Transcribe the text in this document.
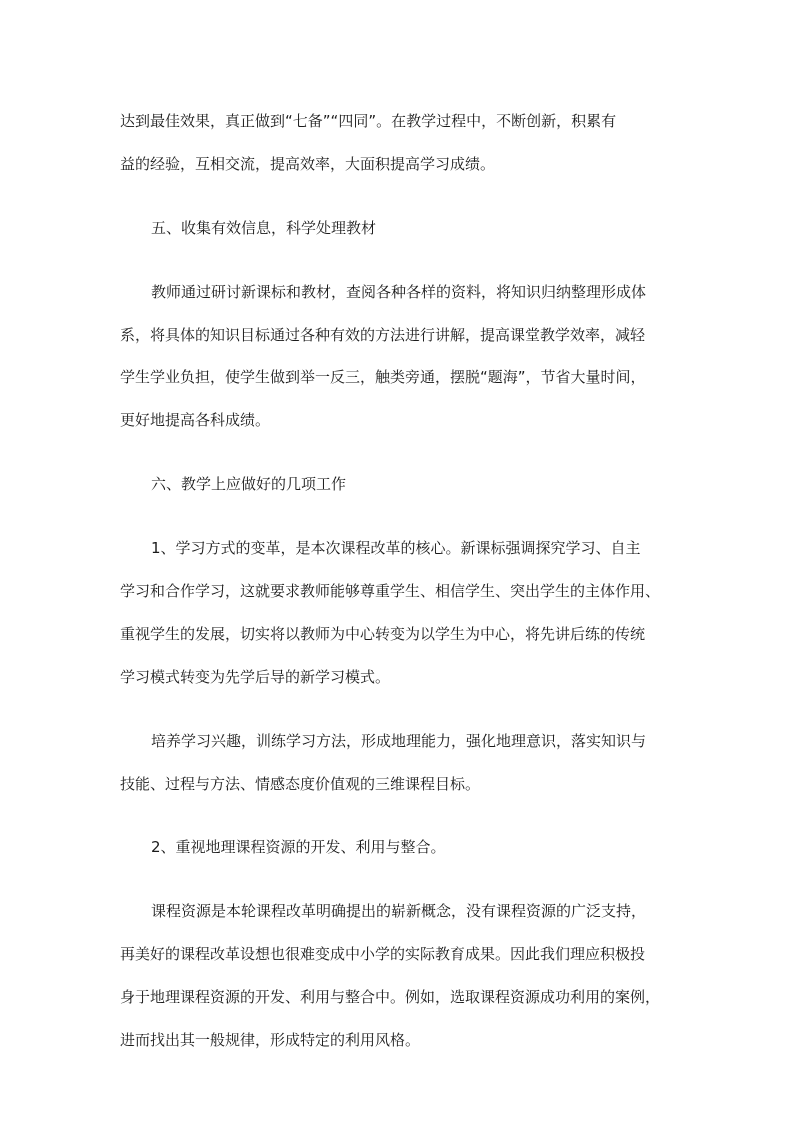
达到最佳效果，真正做到“七备”“四同”。在教学过程中，不断创新，积累有
益的经验，互相交流，提高效率，大面积提高学习成绩。
五、收集有效信息，科学处理教材
教师通过研讨新课标和教材，查阅各种各样的资料，将知识归纳整理形成体
系，将具体的知识目标通过各种有效的方法进行讲解，提高课堂教学效率，减轻
学生学业负担，使学生做到举一反三，触类旁通，摆脱“题海”，节省大量时间，
更好地提高各科成绩。
六、教学上应做好的几项工作
1、学习方式的变革，是本次课程改革的核心。新课标强调探究学习、自主
学习和合作学习，这就要求教师能够尊重学生、相信学生、突出学生的主体作用、
重视学生的发展，切实将以教师为中心转变为以学生为中心，将先讲后练的传统
学习模式转变为先学后导的新学习模式。
培养学习兴趣，训练学习方法，形成地理能力，强化地理意识，落实知识与
技能、过程与方法、情感态度价值观的三维课程目标。
2、重视地理课程资源的开发、利用与整合。
课程资源是本轮课程改革明确提出的崭新概念，没有课程资源的广泛支持，
再美好的课程改革设想也很难变成中小学的实际教育成果。因此我们理应积极投
身于地理课程资源的开发、利用与整合中。例如，选取课程资源成功利用的案例，
进而找出其一般规律，形成特定的利用风格。
